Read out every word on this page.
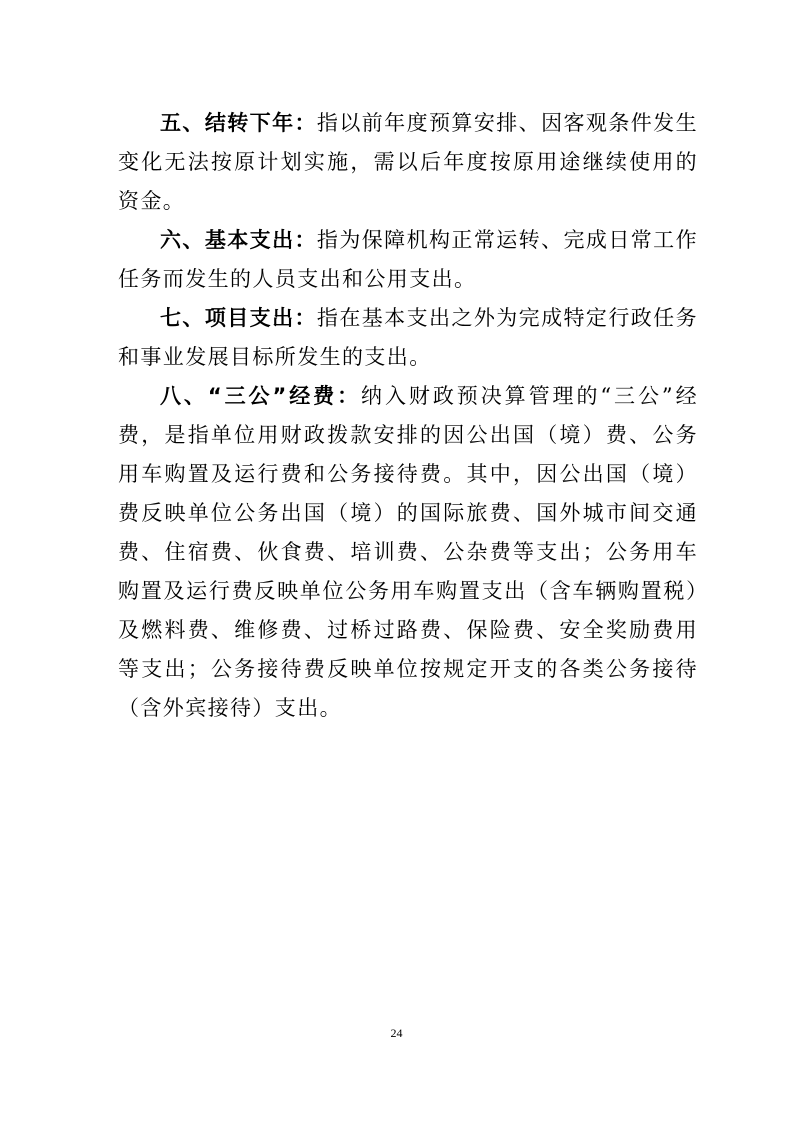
五、结转下年：指以前年度预算安排、因客观条件发生变化无法按原计划实施，需以后年度按原用途继续使用的资金。

六、基本支出：指为保障机构正常运转、完成日常工作任务而发生的人员支出和公用支出。

七、项目支出：指在基本支出之外为完成特定行政任务和事业发展目标所发生的支出。

八、“三公”经费：纳入财政预决算管理的“三公”经费，是指单位用财政拨款安排的因公出国（境）费、公务用车购置及运行费和公务接待费。其中，因公出国（境）费反映单位公务出国（境）的国际旅费、国外城市间交通费、住宿费、伙食费、培训费、公杂费等支出；公务用车购置及运行费反映单位公务用车购置支出（含车辆购置税）及燃料费、维修费、过桥过路费、保险费、安全奖励费用等支出；公务接待费反映单位按规定开支的各类公务接待（含外宾接待）支出。

24
